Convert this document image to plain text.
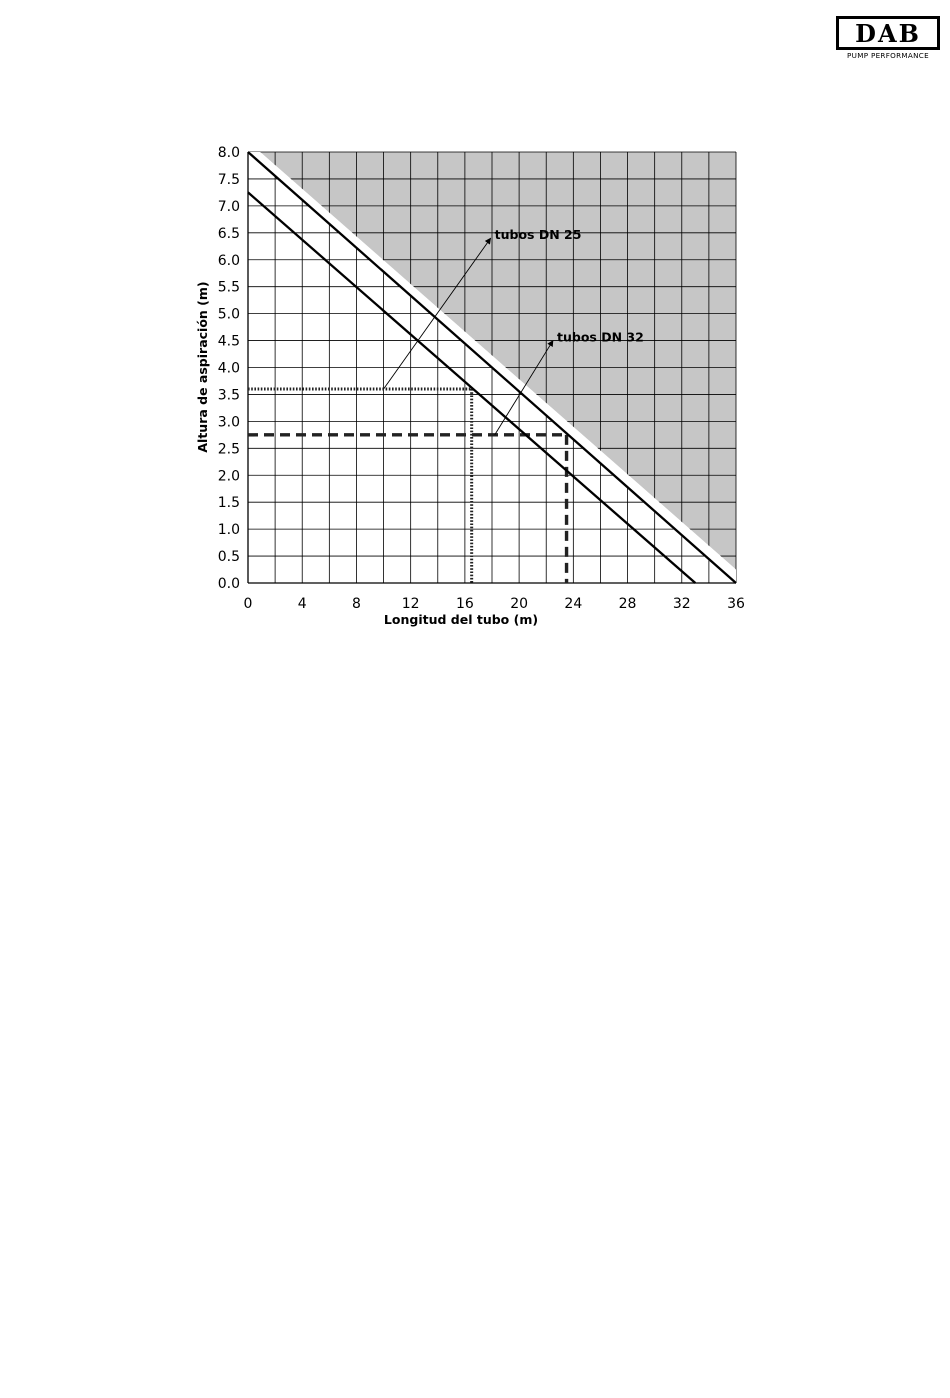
DAB
PUMP PERFORMANCE
tubos DN 25
tubos DN 32
0	4	8	12	16	20	24	28	32	36
0.0
0.5
1.0
1.5
2.0
2.5
3.0
3.5
4.0
4.5
5.0
5.5
6.0
6.5
7.0
7.5
8.0
Longitud del tubo (m)
Altura de aspiración (m)
